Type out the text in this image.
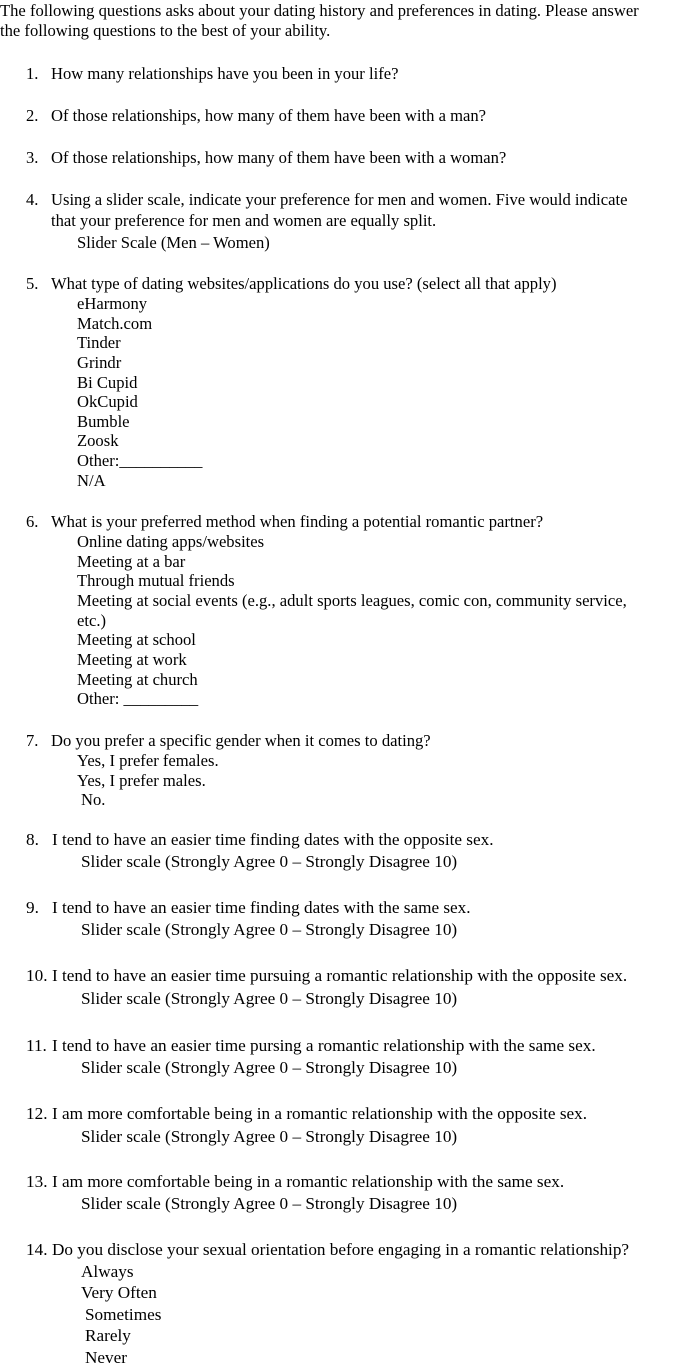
The following questions asks about your dating history and preferences in dating. Please answer
the following questions to the best of your ability.
1. How many relationships have you been in your life?
2. Of those relationships, how many of them have been with a man?
3. Of those relationships, how many of them have been with a woman?
4. Using a slider scale, indicate your preference for men and women. Five would indicate
that your preference for men and women are equally split.
Slider Scale (Men – Women)
5. What type of dating websites/applications do you use? (select all that apply)
eHarmony
Match.com
Tinder
Grindr
Bi Cupid
OkCupid
Bumble
Zoosk
Other:__________
N/A
6. What is your preferred method when finding a potential romantic partner?
Online dating apps/websites
Meeting at a bar
Through mutual friends
Meeting at social events (e.g., adult sports leagues, comic con, community service,
etc.)
Meeting at school
Meeting at work
Meeting at church
Other: _________
7. Do you prefer a specific gender when it comes to dating?
Yes, I prefer females.
Yes, I prefer males.
No.
8. I tend to have an easier time finding dates with the opposite sex.
Slider scale (Strongly Agree 0 – Strongly Disagree 10)
9. I tend to have an easier time finding dates with the same sex.
Slider scale (Strongly Agree 0 – Strongly Disagree 10)
10. I tend to have an easier time pursuing a romantic relationship with the opposite sex.
Slider scale (Strongly Agree 0 – Strongly Disagree 10)
11. I tend to have an easier time pursing a romantic relationship with the same sex.
Slider scale (Strongly Agree 0 – Strongly Disagree 10)
12. I am more comfortable being in a romantic relationship with the opposite sex.
Slider scale (Strongly Agree 0 – Strongly Disagree 10)
13. I am more comfortable being in a romantic relationship with the same sex.
Slider scale (Strongly Agree 0 – Strongly Disagree 10)
14. Do you disclose your sexual orientation before engaging in a romantic relationship?
Always
Very Often
Sometimes
Rarely
Never
